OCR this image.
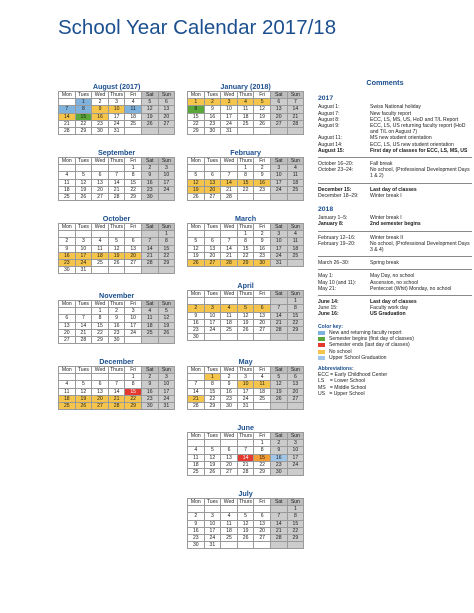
School Year Calendar 2017/18
August (2017)
Mon	Tues	Wed	Thurs	Fri	Sat	Sun
	1	2	3	4	5	6
7	8	9	10	11	12	13
14	15	16	17	18	19	20
21	22	23	24	25	26	27
28	29	30	31			
September
Mon	Tues	Wed	Thurs	Fri	Sat	Sun
				1	2	3
4	5	6	7	8	9	10
11	12	13	14	15	16	17
18	19	20	21	22	23	24
25	26	27	28	29	30	
October
Mon	Tues	Wed	Thurs	Fri	Sat	Sun
						1
2	3	4	5	6	7	8
9	10	11	12	13	14	15
16	17	18	19	20	21	22
23	24	25	26	27	28	29
30	31					
November
Mon	Tues	Wed	Thurs	Fri	Sat	Sun
		1	2	3	4	5
6	7	8	9	10	11	12
13	14	15	16	17	18	19
20	21	22	23	24	25	26
27	28	29	30			
December
Mon	Tues	Wed	Thurs	Fri	Sat	Sun
				1	2	3
4	5	6	7	8	9	10
11	12	13	14	15	16	17
18	19	20	21	22	23	24
25	26	27	28	29	30	31
January (2018)
Mon	Tues	Wed	Thurs	Fri	Sat	Sun
1	2	3	4	5	6	7
8	9	10	11	12	13	14
15	16	17	18	19	20	21
22	23	24	25	26	27	28
29	30	31				
February
Mon	Tues	Wed	Thurs	Fri	Sat	Sun
			1	2	3	4
5	6	7	8	9	10	11
12	13	14	15	16	17	18
19	20	21	22	23	24	25
26	27	28				
March
Mon	Tues	Wed	Thurs	Fri	Sat	Sun
			1	2	3	4
5	6	7	8	9	10	11
12	13	14	15	16	17	18
19	20	21	22	23	24	25
26	27	28	29	30	31	
April
Mon	Tues	Wed	Thurs	Fri	Sat	Sun
						1
2	3	4	5	6	7	8
9	10	11	12	13	14	15
16	17	18	19	20	21	22
23	24	25	26	27	28	29
30						
May
Mon	Tues	Wed	Thurs	Fri	Sat	Sun
	1	2	3	4	5	6
7	8	9	10	11	12	13
14	15	16	17	18	19	20
21	22	23	24	25	26	27
28	29	30	31			
June
Mon	Tues	Wed	Thurs	Fri	Sat	Sun
				1	2	3
4	5	6	7	8	9	10
11	12	13	14	15	16	17
18	19	20	21	22	23	24
25	26	27	28	29	30	
July
Mon	Tues	Wed	Thurs	Fri	Sat	Sun
						1
2	3	4	5	6	7	8
9	10	11	12	13	14	15
16	17	18	19	20	21	22
23	24	25	26	27	28	29
30	31					
Comments
2017
August 1:	Swiss National holiday
August 7:	New faculty report
August 8:	ECC, LS, MS, US, HoD and T/L Report
August 9:	ECC, LS, US returning faculty report (HoD and T/L on August 7)
August 11:	MS new student orientation
August 14:	ECC, LS, US new student orientation
August 15:	First day of classes for ECC, LS, MS, US
October 16–20:	Fall break
October 23–24:	No school, (Professional Development Days 1 & 2)
December 15:	Last day of classes
December 18–29:	Winter break I
2018
January 1–5:	Winter break I
January 8:	2nd semester begins
February 12–16:	Winter break II
February 19–20:	No school, (Professional Development Days 3 & 4)
March 26–30:	Spring break
May 1:	May Day, no school
May 10 (and 11):	Ascension, no school
May 21:	Pentecost (Whit) Monday, no school
June 14:	Last day of classes
June 15:	Faculty work day
June 16:	US Graduation
Color key:
New and returning faculty report
Semester begins (first day of classes)
Semester ends (last day of classes)
No school
Upper School Graduation
Abbreviations:
ECC = Early Childhood Center
LS    = Lower School
MS   = Middle School
US   = Upper School
